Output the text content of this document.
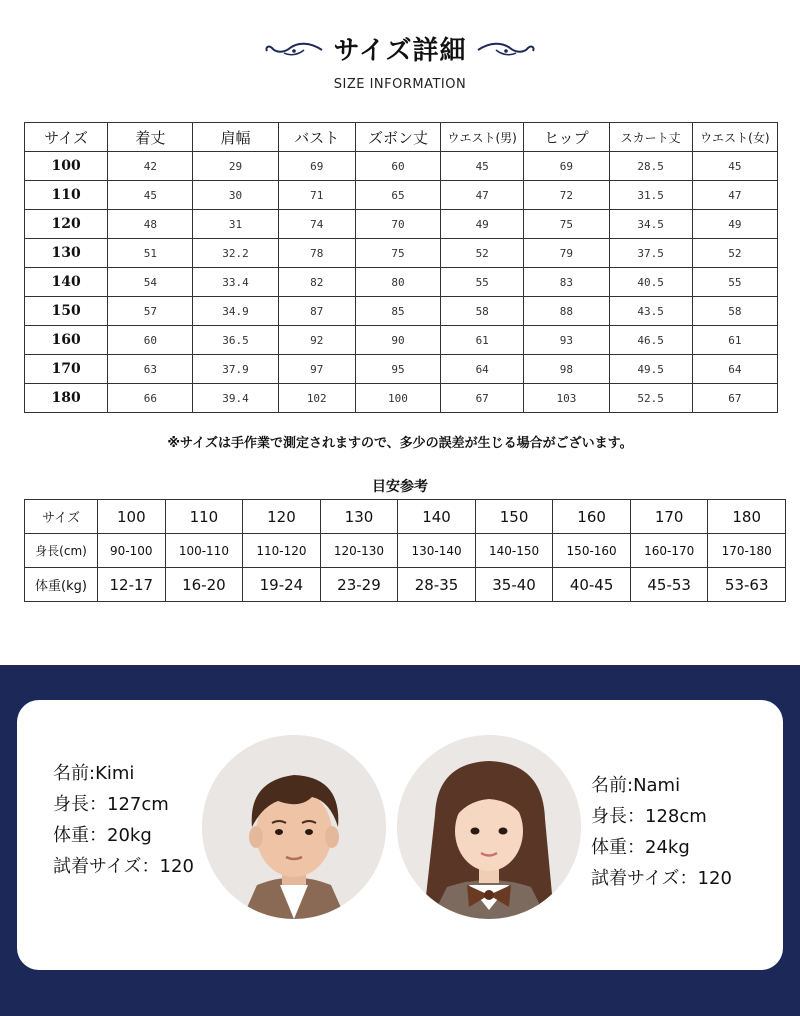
サイズ詳細
SIZE INFORMATION
サイズ	着丈	肩幅	バスト	ズボン丈	ウエスト(男)	ヒップ	スカート丈	ウエスト(女)
100	42	29	69	60	45	69	28.5	45
110	45	30	71	65	47	72	31.5	47
120	48	31	74	70	49	75	34.5	49
130	51	32.2	78	75	52	79	37.5	52
140	54	33.4	82	80	55	83	40.5	55
150	57	34.9	87	85	58	88	43.5	58
160	60	36.5	92	90	61	93	46.5	61
170	63	37.9	97	95	64	98	49.5	64
180	66	39.4	102	100	67	103	52.5	67
※サイズは手作業で測定されますので、多少の誤差が生じる場合がございます。
目安参考
サイズ	100	110	120	130	140	150	160	170	180
身長(cm)	90-100	100-110	110-120	120-130	130-140	140-150	150-160	160-170	170-180
体重(kg)	12-17	16-20	19-24	23-29	28-35	35-40	40-45	45-53	53-63
名前:Kimi
身長：127cm
体重：20kg
試着サイズ：120
名前:Nami
身長：128cm
体重：24kg
試着サイズ：120
